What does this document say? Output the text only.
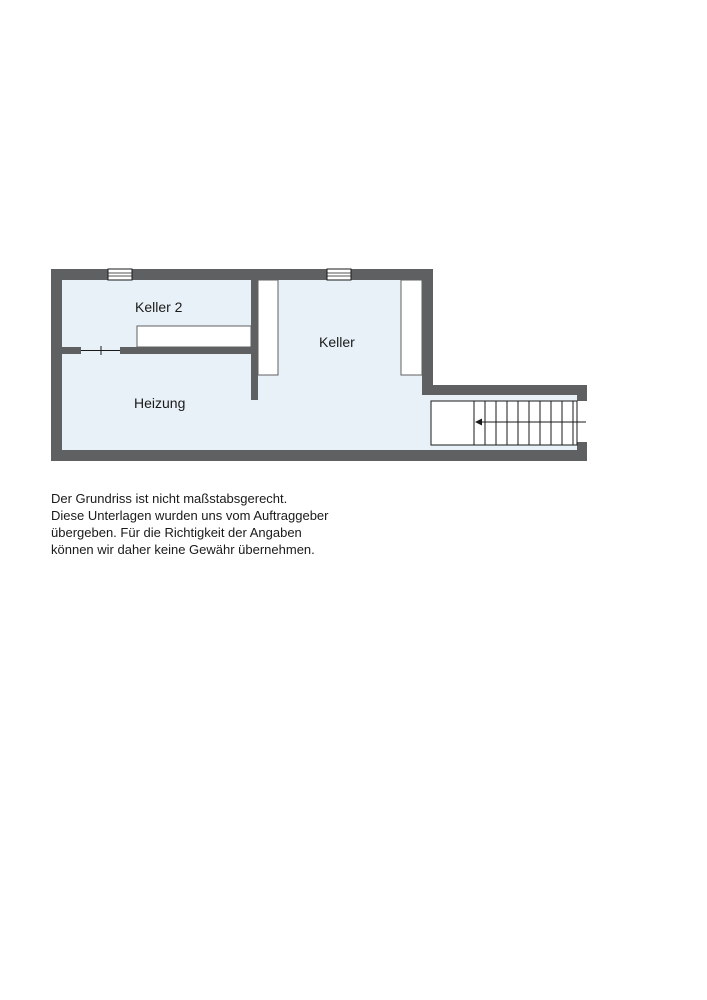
Keller 2
Keller
Heizung

Der Grundriss ist nicht maßstabsgerecht.
Diese Unterlagen wurden uns vom Auftraggeber
übergeben. Für die Richtigkeit der Angaben
können wir daher keine Gewähr übernehmen.
